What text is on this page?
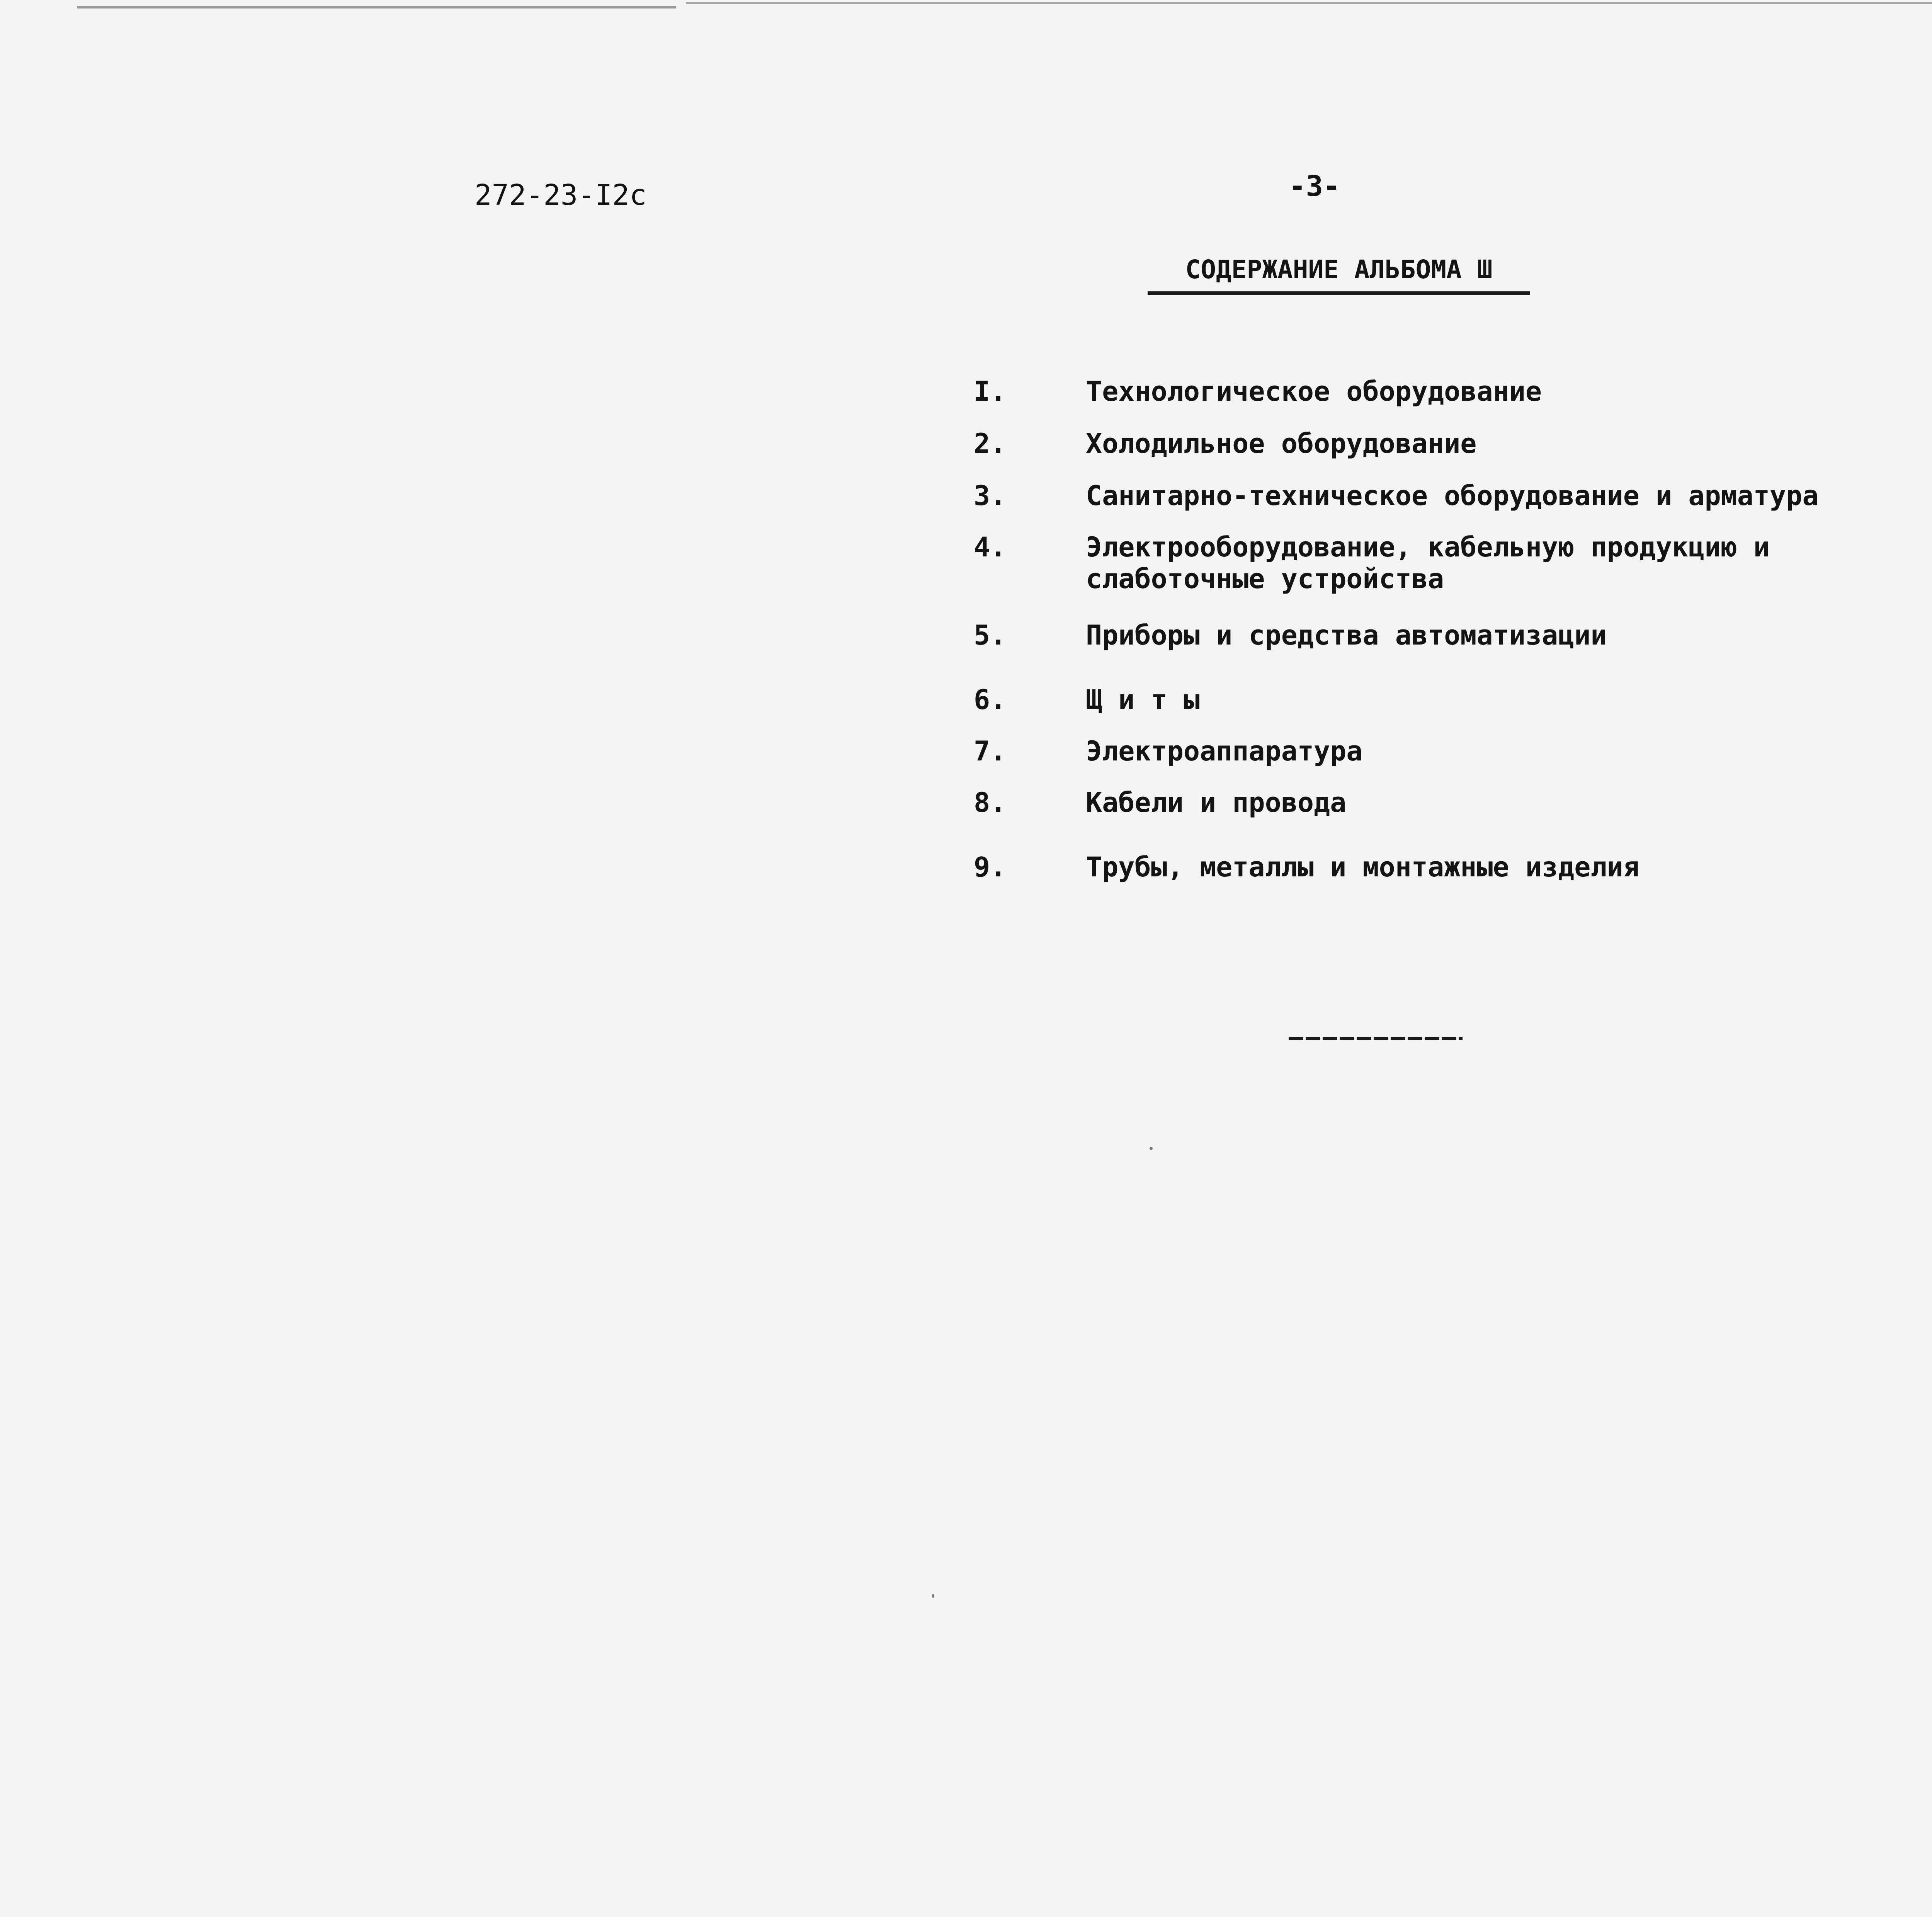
272-23-I2c	-3-
СОДЕРЖАНИЕ АЛЬБОМА Ш
I.	Технологическое оборудование
2.	Холодильное оборудование
3.	Санитарно-техническое оборудование и арматура
4.	Электрооборудование, кабельную продукцию и слаботочные устройства
5.	Приборы и средства автоматизации
6.	Щ и т ы
7.	Электроаппаратура
8.	Кабели и провода
9.	Трубы, металлы и монтажные изделия
